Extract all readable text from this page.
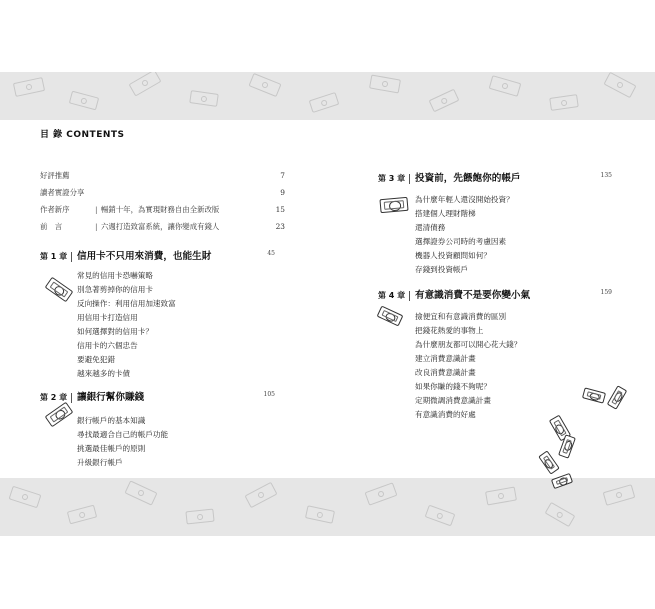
目 錄 CONTENTS
好評推薦	7
讀者實證分享	9
作者新序	| 暢銷十年，為實現財務自由全新改版	15
前　言	| 六週打造致富系統，讓你變成有錢人	23
第 1 章 信用卡不只用來消費，也能生財	45
常見的信用卡恐嚇策略
別急著剪掉你的信用卡
反向操作：利用信用加速致富
用信用卡打造信用
如何選擇對的信用卡？
信用卡的六個忠告
要避免犯錯
越來越多的卡債
第 2 章 讓銀行幫你賺錢	105
銀行帳戶的基本知識
尋找最適合自己的帳戶功能
挑選最佳帳戶的原則
升級銀行帳戶
第 3 章 投資前，先餵飽你的帳戶	135
為什麼年輕人還沒開始投資？
搭建個人理財階梯
還清債務
選擇證券公司時的考慮因素
機器人投資顧問如何？
存錢到投資帳戶
第 4 章 有意識消費不是要你變小氣	159
撿便宜和有意識消費的區別
把錢花熱愛的事物上
為什麼朋友都可以開心花大錢？
建立消費意識計畫
改良消費意識計畫
如果你賺的錢不夠呢？
定期微調消費意識計畫
有意識消費的好處
